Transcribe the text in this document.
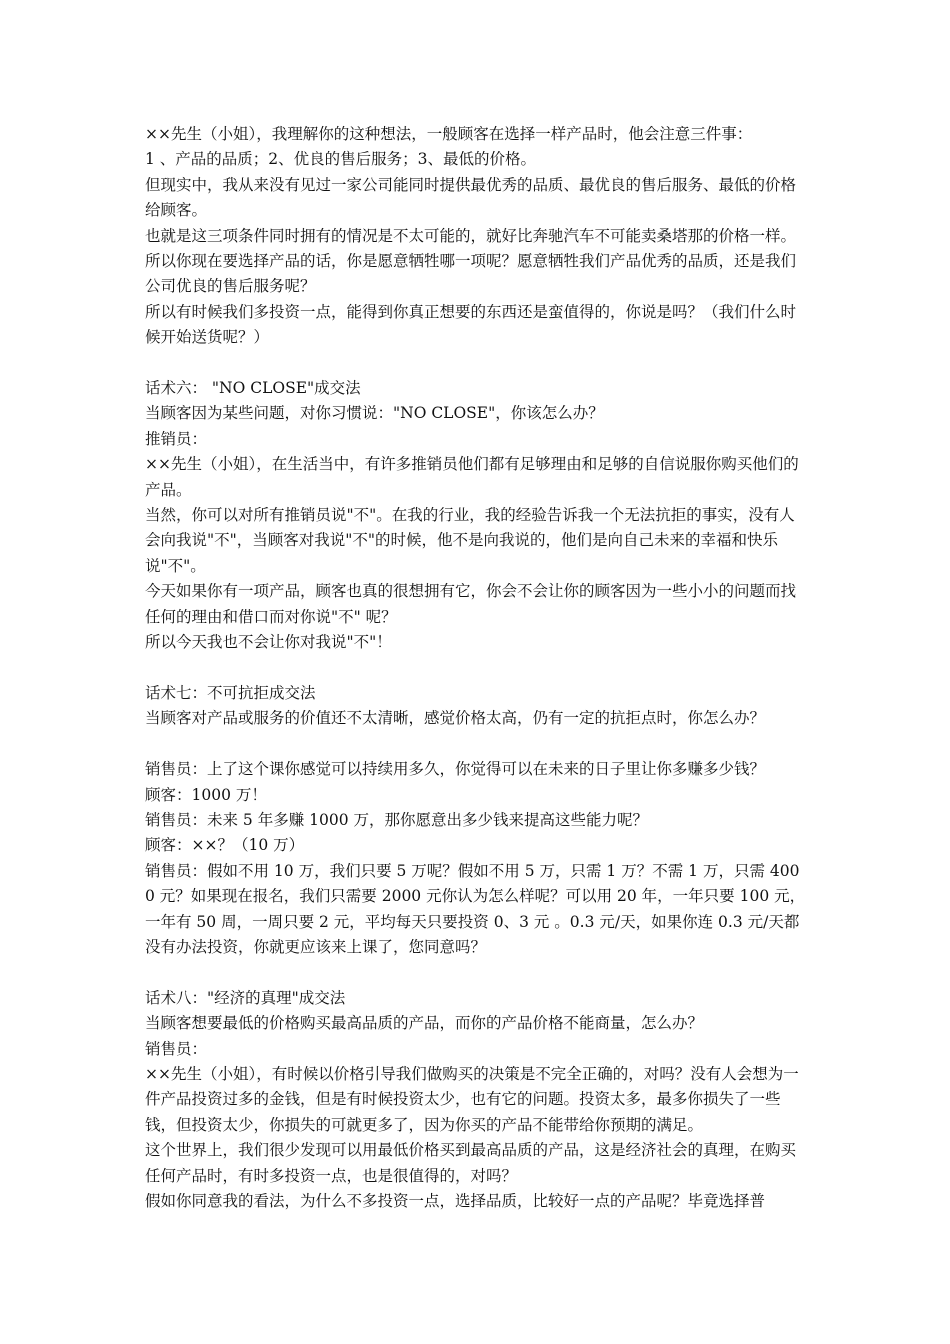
××先生（小姐），我理解你的这种想法，一般顾客在选择一样产品时，他会注意三件事：

1 、产品的品质；2、优良的售后服务；3、最低的价格。

但现实中，我从来没有见过一家公司能同时提供最优秀的品质、最优良的售后服务、最低的价格给顾客。

也就是这三项条件同时拥有的情况是不太可能的，就好比奔驰汽车不可能卖桑塔那的价格一样。

所以你现在要选择产品的话，你是愿意牺牲哪一项呢？愿意牺牲我们产品优秀的品质，还是我们公司优良的售后服务呢？

所以有时候我们多投资一点，能得到你真正想要的东西还是蛮值得的，你说是吗？（我们什么时候开始送货呢？）

话术六： "NO CLOSE"成交法

当顾客因为某些问题，对你习惯说："NO CLOSE"，你该怎么办？

推销员：

××先生（小姐），在生活当中，有许多推销员他们都有足够理由和足够的自信说服你购买他们的产品。

当然，你可以对所有推销员说"不"。在我的行业，我的经验告诉我一个无法抗拒的事实，没有人会向我说"不"，当顾客对我说"不"的时候，他不是向我说的，他们是向自己未来的幸福和快乐说"不"。

今天如果你有一项产品，顾客也真的很想拥有它，你会不会让你的顾客因为一些小小的问题而找任何的理由和借口而对你说"不" 呢？

所以今天我也不会让你对我说"不"！

话术七：不可抗拒成交法

当顾客对产品或服务的价值还不太清晰，感觉价格太高，仍有一定的抗拒点时，你怎么办？

销售员：上了这个课你感觉可以持续用多久，你觉得可以在未来的日子里让你多赚多少钱？

顾客：1000 万！

销售员：未来 5 年多赚 1000 万，那你愿意出多少钱来提高这些能力呢？

顾客：××？（10 万）

销售员：假如不用 10 万，我们只要 5 万呢？假如不用 5 万，只需 1 万？不需 1 万，只需 4000 元？如果现在报名，我们只需要 2000 元你认为怎么样呢？可以用 20 年，一年只要 100 元，一年有 50 周，一周只要 2 元，平均每天只要投资 0、3 元 。0.3 元/天，如果你连 0.3 元/天都没有办法投资，你就更应该来上课了，您同意吗？

话术八："经济的真理"成交法

当顾客想要最低的价格购买最高品质的产品，而你的产品价格不能商量，怎么办？

销售员：

××先生（小姐），有时候以价格引导我们做购买的决策是不完全正确的，对吗？没有人会想为一件产品投资过多的金钱，但是有时候投资太少，也有它的问题。投资太多，最多你损失了一些钱，但投资太少，你损失的可就更多了，因为你买的产品不能带给你预期的满足。

这个世界上，我们很少发现可以用最低价格买到最高品质的产品，这是经济社会的真理，在购买任何产品时，有时多投资一点，也是很值得的，对吗？

假如你同意我的看法，为什么不多投资一点，选择品质，比较好一点的产品呢？毕竟选择普
